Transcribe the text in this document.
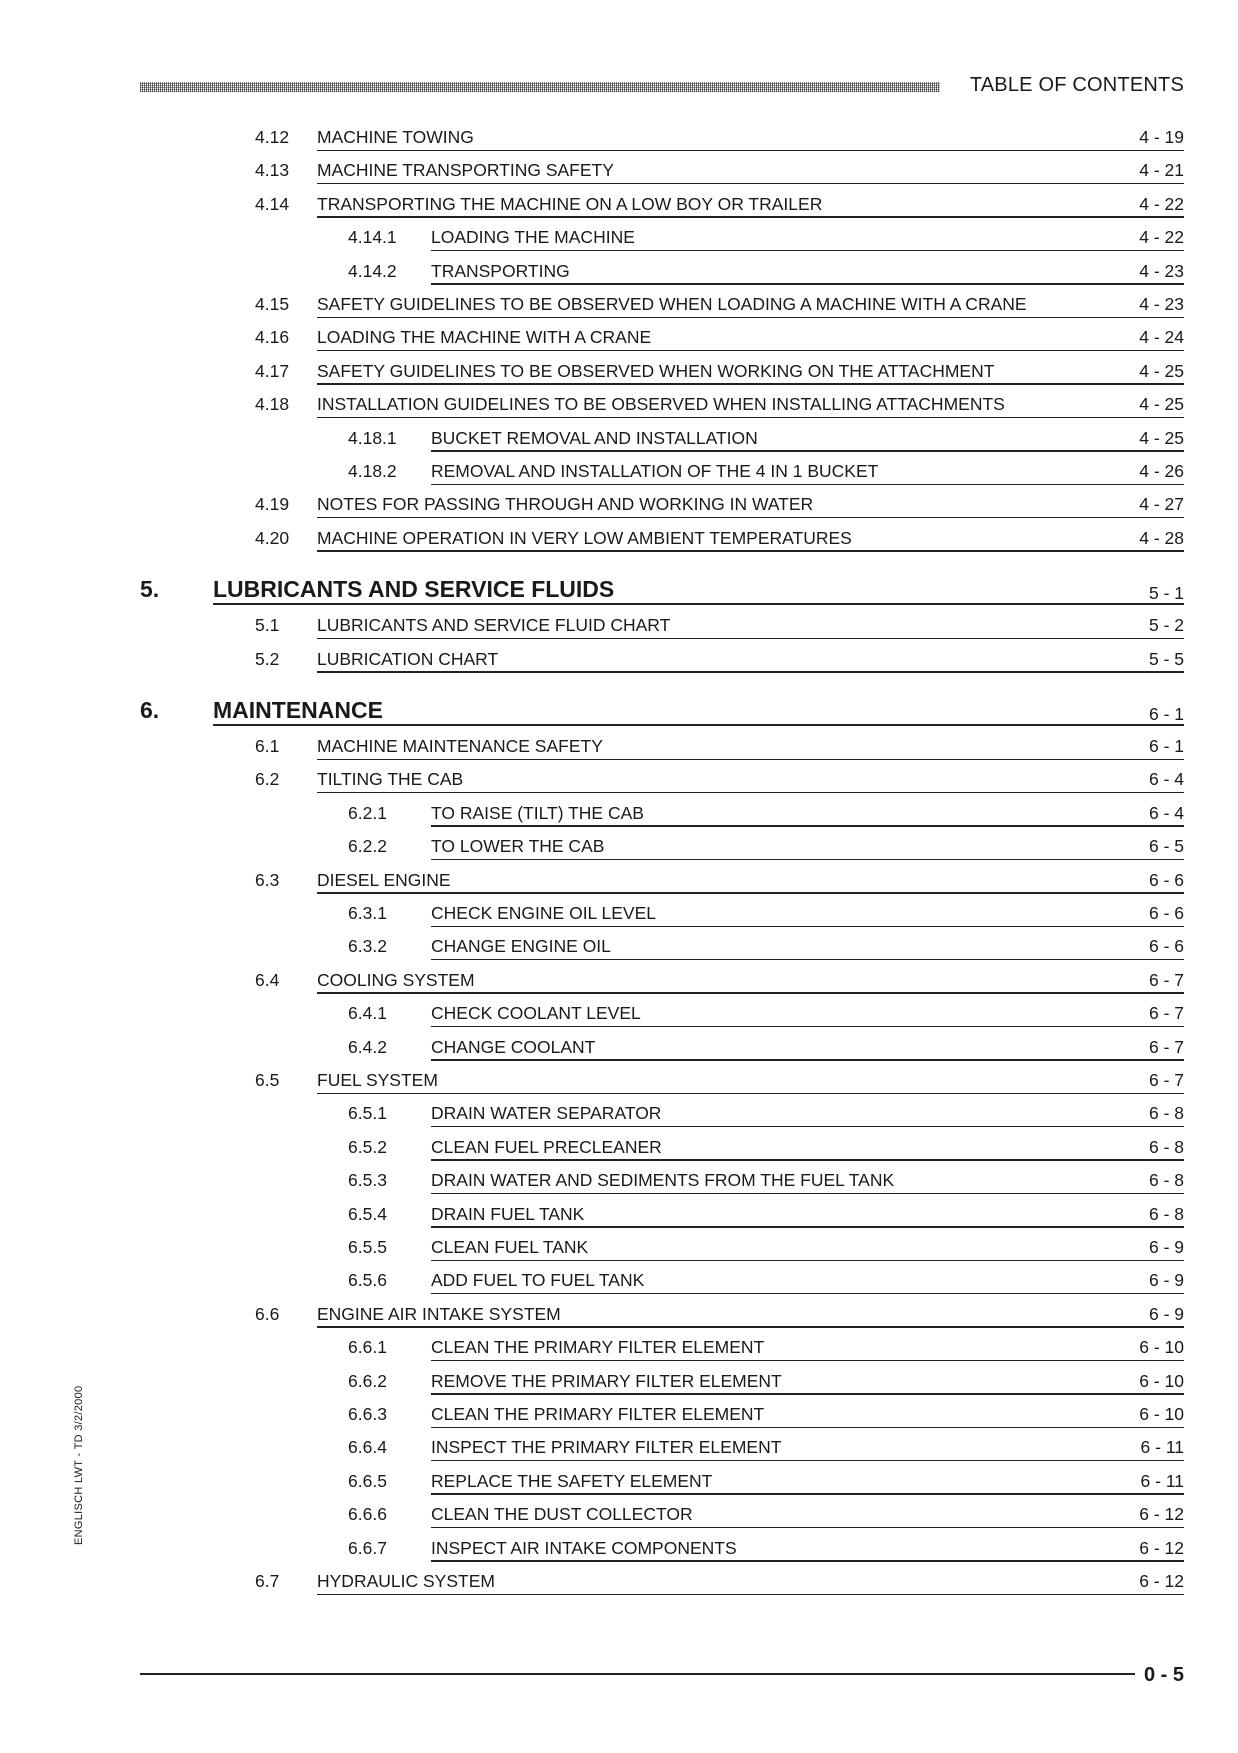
TABLE OF CONTENTS
4.12 MACHINE TOWING	4 - 19
4.13 MACHINE TRANSPORTING SAFETY	4 - 21
4.14 TRANSPORTING THE MACHINE ON A LOW BOY OR TRAILER	4 - 22
4.14.1 LOADING THE MACHINE	4 - 22
4.14.2 TRANSPORTING	4 - 23
4.15 SAFETY GUIDELINES TO BE OBSERVED WHEN LOADING A MACHINE WITH A CRANE	4 - 23
4.16 LOADING THE MACHINE WITH A CRANE	4 - 24
4.17 SAFETY GUIDELINES TO BE OBSERVED WHEN WORKING ON THE ATTACHMENT	4 - 25
4.18 INSTALLATION GUIDELINES TO BE OBSERVED WHEN INSTALLING ATTACHMENTS	4 - 25
4.18.1 BUCKET REMOVAL AND INSTALLATION	4 - 25
4.18.2 REMOVAL AND INSTALLATION OF THE 4 IN 1 BUCKET	4 - 26
4.19 NOTES FOR PASSING THROUGH AND WORKING IN WATER	4 - 27
4.20 MACHINE OPERATION IN VERY LOW AMBIENT TEMPERATURES	4 - 28
5. LUBRICANTS AND SERVICE FLUIDS	5 - 1
5.1 LUBRICANTS AND SERVICE FLUID CHART	5 - 2
5.2 LUBRICATION CHART	5 - 5
6. MAINTENANCE	6 - 1
6.1 MACHINE MAINTENANCE SAFETY	6 - 1
6.2 TILTING THE CAB	6 - 4
6.2.1	TO RAISE (TILT) THE CAB	6 - 4
6.2.2	TO LOWER THE CAB	6 - 5
6.3 DIESEL ENGINE	6 - 6
6.3.1	CHECK ENGINE OIL LEVEL	6 - 6
6.3.2	CHANGE ENGINE OIL	6 - 6
6.4 COOLING SYSTEM	6 - 7
6.4.1	CHECK COOLANT LEVEL	6 - 7
6.4.2	CHANGE COOLANT	6 - 7
6.5 FUEL SYSTEM	6 - 7
6.5.1	DRAIN WATER SEPARATOR	6 - 8
6.5.2	CLEAN FUEL PRECLEANER	6 - 8
6.5.3	DRAIN WATER AND SEDIMENTS FROM THE FUEL TANK	6 - 8
6.5.4	DRAIN FUEL TANK	6 - 8
6.5.5	CLEAN FUEL TANK	6 - 9
6.5.6	ADD FUEL TO FUEL TANK	6 - 9
6.6 ENGINE AIR INTAKE SYSTEM	6 - 9
6.6.1	CLEAN THE PRIMARY FILTER ELEMENT	6 - 10
6.6.2	REMOVE THE PRIMARY FILTER ELEMENT	6 - 10
6.6.3	CLEAN THE PRIMARY FILTER ELEMENT	6 - 10
6.6.4	INSPECT THE PRIMARY FILTER ELEMENT	6 - 11
6.6.5	REPLACE THE SAFETY ELEMENT	6 - 11
6.6.6	CLEAN THE DUST COLLECTOR	6 - 12
6.6.7	INSPECT AIR INTAKE COMPONENTS	6 - 12
6.7 HYDRAULIC SYSTEM	6 - 12
0 - 5
ENGLISCH LWT - TD 3/2/2000
